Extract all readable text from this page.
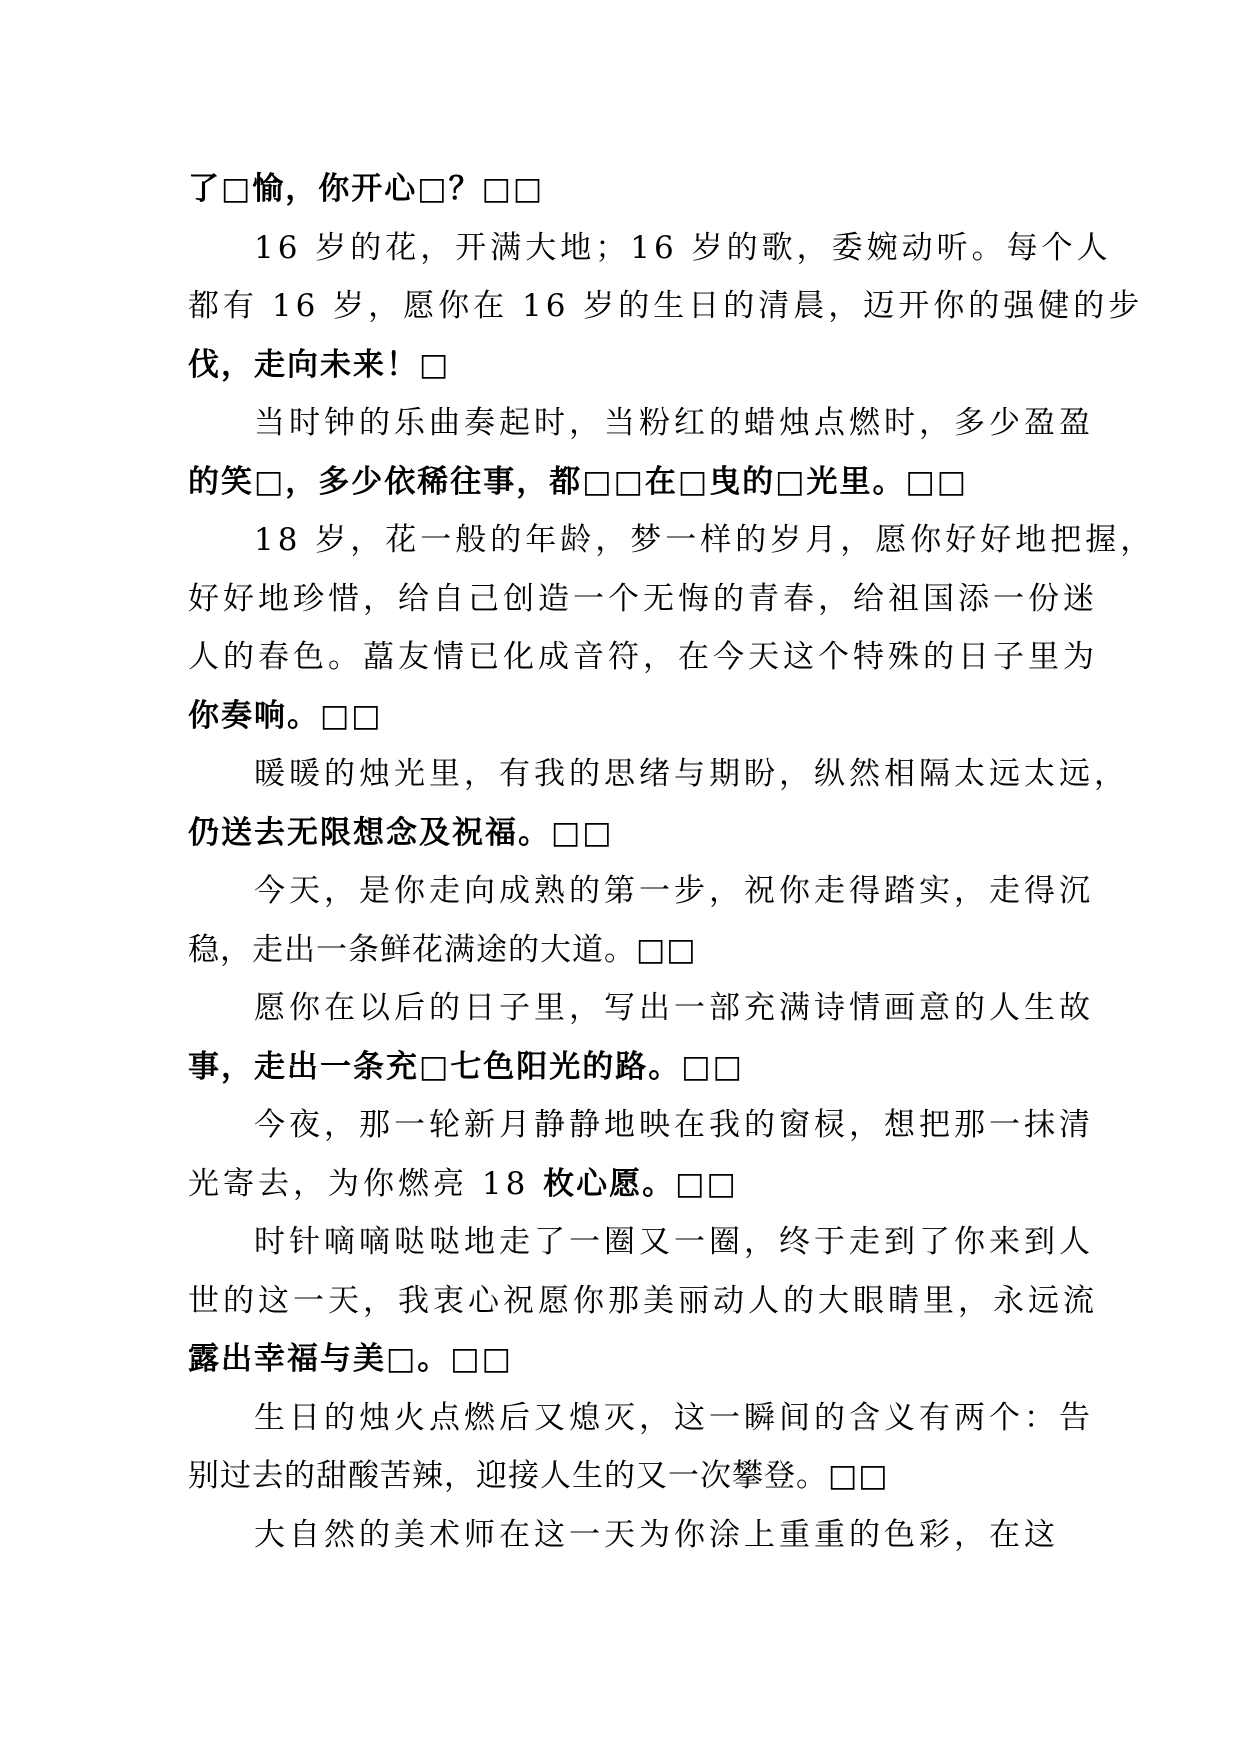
了□愉，你开心□？□□
16 岁的花，开满大地；16 岁的歌，委婉动听。每个人
都有 16 岁，愿你在 16 岁的生日的清晨，迈开你的强健的步
伐，走向未来！□
当时钟的乐曲奏起时，当粉红的蜡烛点燃时，多少盈盈
的笑□，多少依稀往事，都□□在□曳的□光里。□□
18 岁，花一般的年龄，梦一样的岁月，愿你好好地把握，
好好地珍惜，给自己创造一个无悔的青春，给祖国添一份迷
人的春色。藠友情已化成音符，在今天这个特殊的日子里为
你奏响。□□
暖暖的烛光里，有我的思绪与期盼，纵然相隔太远太远，
仍送去无限想念及祝福。□□
今天，是你走向成熟的第一步，祝你走得踏实，走得沉
稳，走出一条鲜花满途的大道。□□
愿你在以后的日子里，写出一部充满诗情画意的人生故
事，走出一条充□七色阳光的路。□□
今夜，那一轮新月静静地映在我的窗棂，想把那一抹清
光寄去，为你燃亮 18 枚心愿。□□
时针嘀嘀哒哒地走了一圈又一圈，终于走到了你来到人
世的这一天，我衷心祝愿你那美丽动人的大眼睛里，永远流
露出幸福与美□。□□
生日的烛火点燃后又熄灭，这一瞬间的含义有两个：告
别过去的甜酸苦辣，迎接人生的又一次攀登。□□
大自然的美术师在这一天为你涂上重重的色彩，在这
